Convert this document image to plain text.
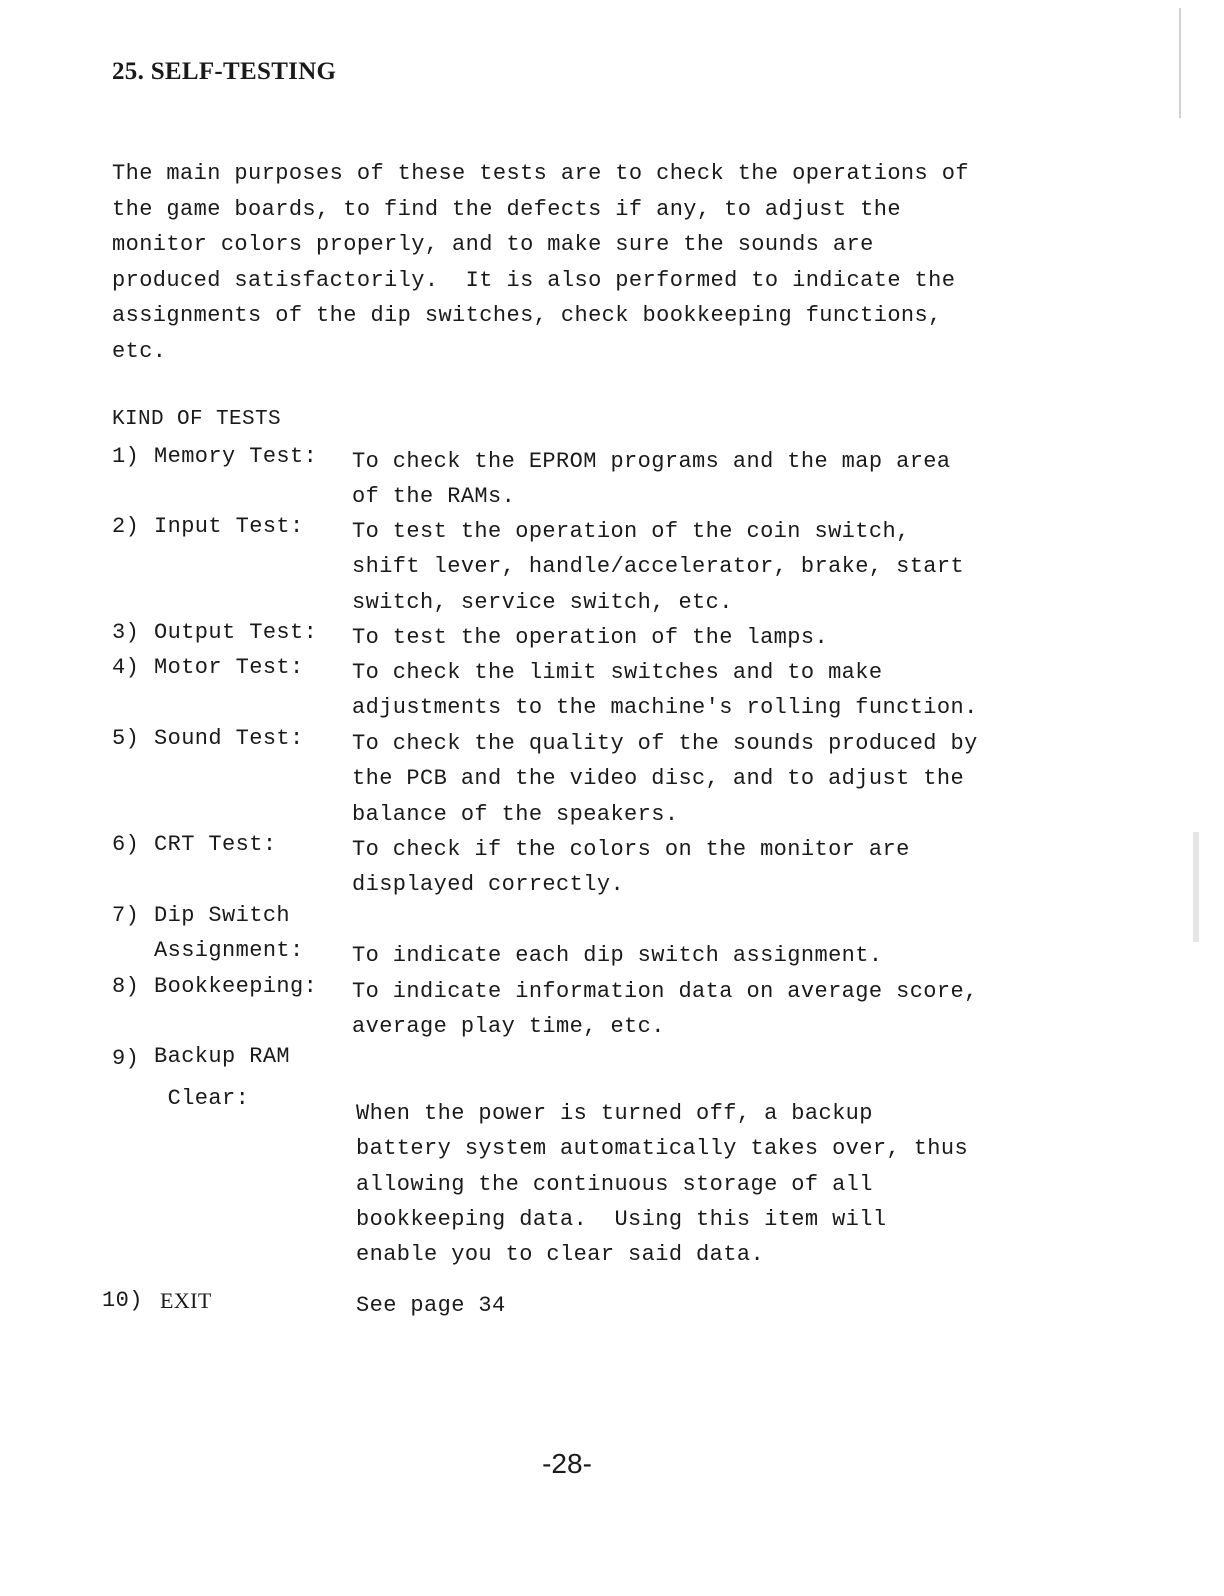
25. SELF-TESTING
The main purposes of these tests are to check the operations of
the game boards, to find the defects if any, to adjust the
monitor colors properly, and to make sure the sounds are
produced satisfactorily.  It is also performed to indicate the
assignments of the dip switches, check bookkeeping functions,
etc.
KIND OF TESTS
1) Memory Test: To check the EPROM programs and the map area
of the RAMs.
2) Input Test: To test the operation of the coin switch,
shift lever, handle/accelerator, brake, start
switch, service switch, etc.
3) Output Test: To test the operation of the lamps.
4) Motor Test: To check the limit switches and to make
adjustments to the machine's rolling function.
5) Sound Test: To check the quality of the sounds produced by
the PCB and the video disc, and to adjust the
balance of the speakers.
6) CRT Test:	To check if the colors on the monitor are
displayed correctly.
7) Dip Switch
Assignment: To indicate each dip switch assignment.
8) Bookkeeping: To indicate information data on average score,
average play time, etc.
9) Backup RAM

Clear:
When the power is turned off, a backup
battery system automatically takes over, thus
allowing the continuous storage of all
bookkeeping data.  Using this item will
enable you to clear said data.
10) EXIT	See page 34
-28-
